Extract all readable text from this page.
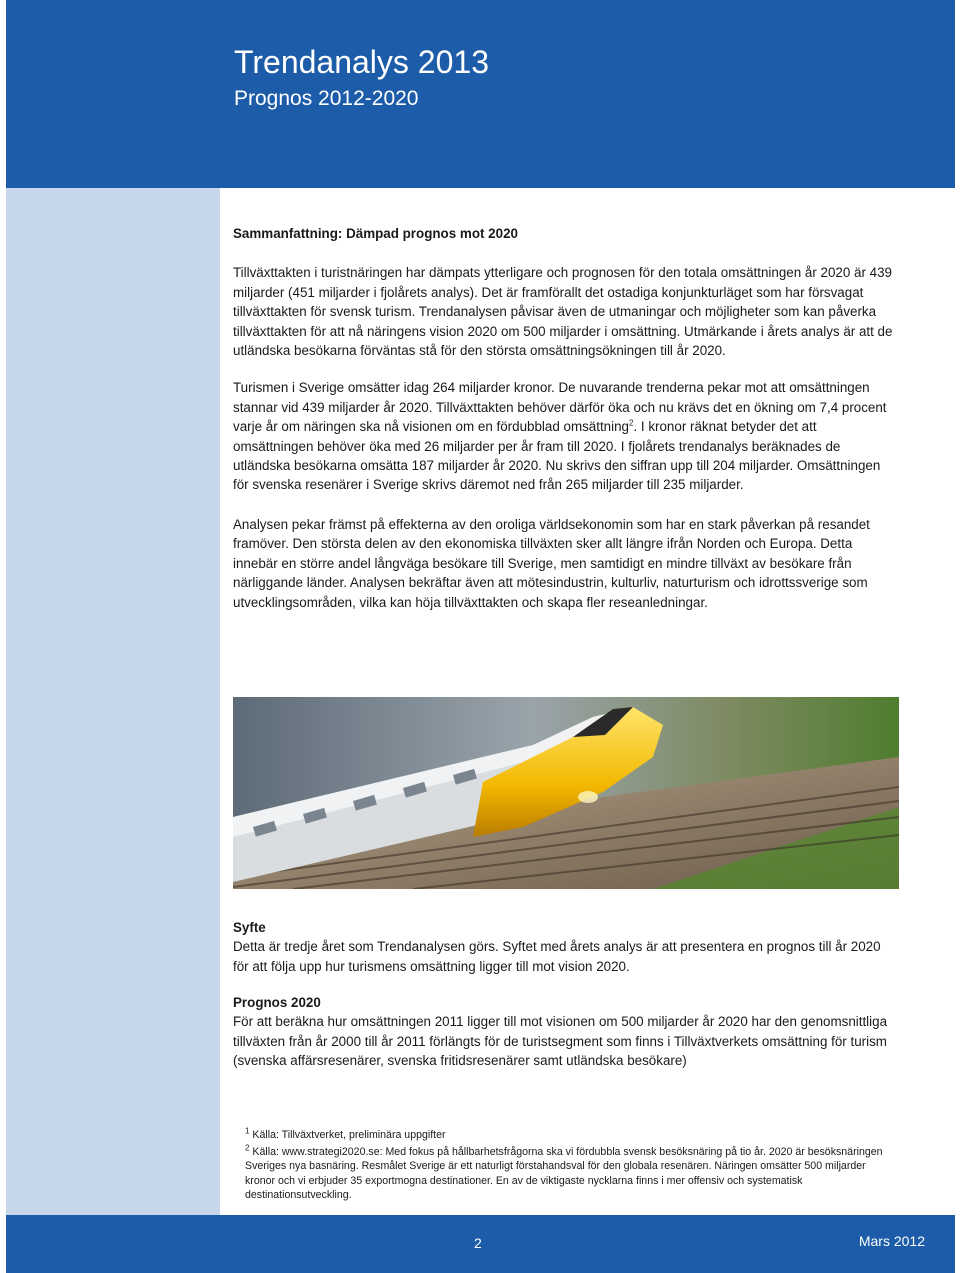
Trendanalys 2013
Prognos 2012-2020

Sammanfattning: Dämpad prognos mot 2020

Tillväxttakten i turistnäringen har dämpats ytterligare och prognosen för den totala omsättningen år 2020 är 439 miljarder (451 miljarder i fjolårets analys). Det är framförallt det ostadiga konjunkturläget som har försvagat tillväxttakten för svensk turism. Trendanalysen påvisar även de utmaningar och möjligheter som kan påverka tillväxttakten för att nå näringens vision 2020 om 500 miljarder i omsättning. Utmärkande i årets analys är att de utländska besökarna förväntas stå för den största omsättningsökningen till år 2020.

Turismen i Sverige omsätter idag 264 miljarder kronor. De nuvarande trenderna pekar mot att omsättningen stannar vid 439 miljarder år 2020. Tillväxttakten behöver därför öka och nu krävs det en ökning om 7,4 procent varje år om näringen ska nå visionen om en fördubblad omsättning$^2$. I kronor räknat betyder det att omsättningen behöver öka med 26 miljarder per år fram till 2020. I fjolårets trendanalys beräknades de utländska besökarna omsätta 187 miljarder år 2020. Nu skrivs den siffran upp till 204 miljarder. Omsättningen för svenska resenärer i Sverige skrivs däremot ned från 265 miljarder till 235 miljarder.

Analysen pekar främst på effekterna av den oroliga världsekonomin som har en stark påverkan på resandet framöver. Den största delen av den ekonomiska tillväxten sker allt längre ifrån Norden och Europa. Detta innebär en större andel långväga besökare till Sverige, men samtidigt en mindre tillväxt av besökare från närliggande länder. Analysen bekräftar även att mötesindustrin, kulturliv, naturturism och idrottssverige som utvecklingsområden, vilka kan höja tillväxttakten och skapa fler reseanledningar.

Syfte

Detta är tredje året som Trendanalysen görs. Syftet med årets analys är att presentera en prognos till år 2020 för att följa upp hur turismens omsättning ligger till mot vision 2020.

Prognos 2020

För att beräkna hur omsättningen 2011 ligger till mot visionen om 500 miljarder år 2020 har den genomsnittliga tillväxten från år 2000 till år 2011 förlängts för de turistsegment som finns i Tillväxtverkets omsättning för turism (svenska affärsresenärer, svenska fritidsresenärer samt utländska besökare)

$^1$ Källa: Tillväxtverket, preliminära uppgifter

$^2$ Källa: www.strategi2020.se: Med fokus på hållbarhetsfrågorna ska vi fördubbla svensk besöksnäring på tio år. 2020 är besöksnäringen Sveriges nya basnäring. Resmålet Sverige är ett naturligt förstahandsval för den globala resenären. Näringen omsätter 500 miljarder kronor och vi erbjuder 35 exportmogna destinationer. En av de viktigaste nycklarna finns i mer offensiv och systematisk destinationsutveckling.

2	Mars 2012
